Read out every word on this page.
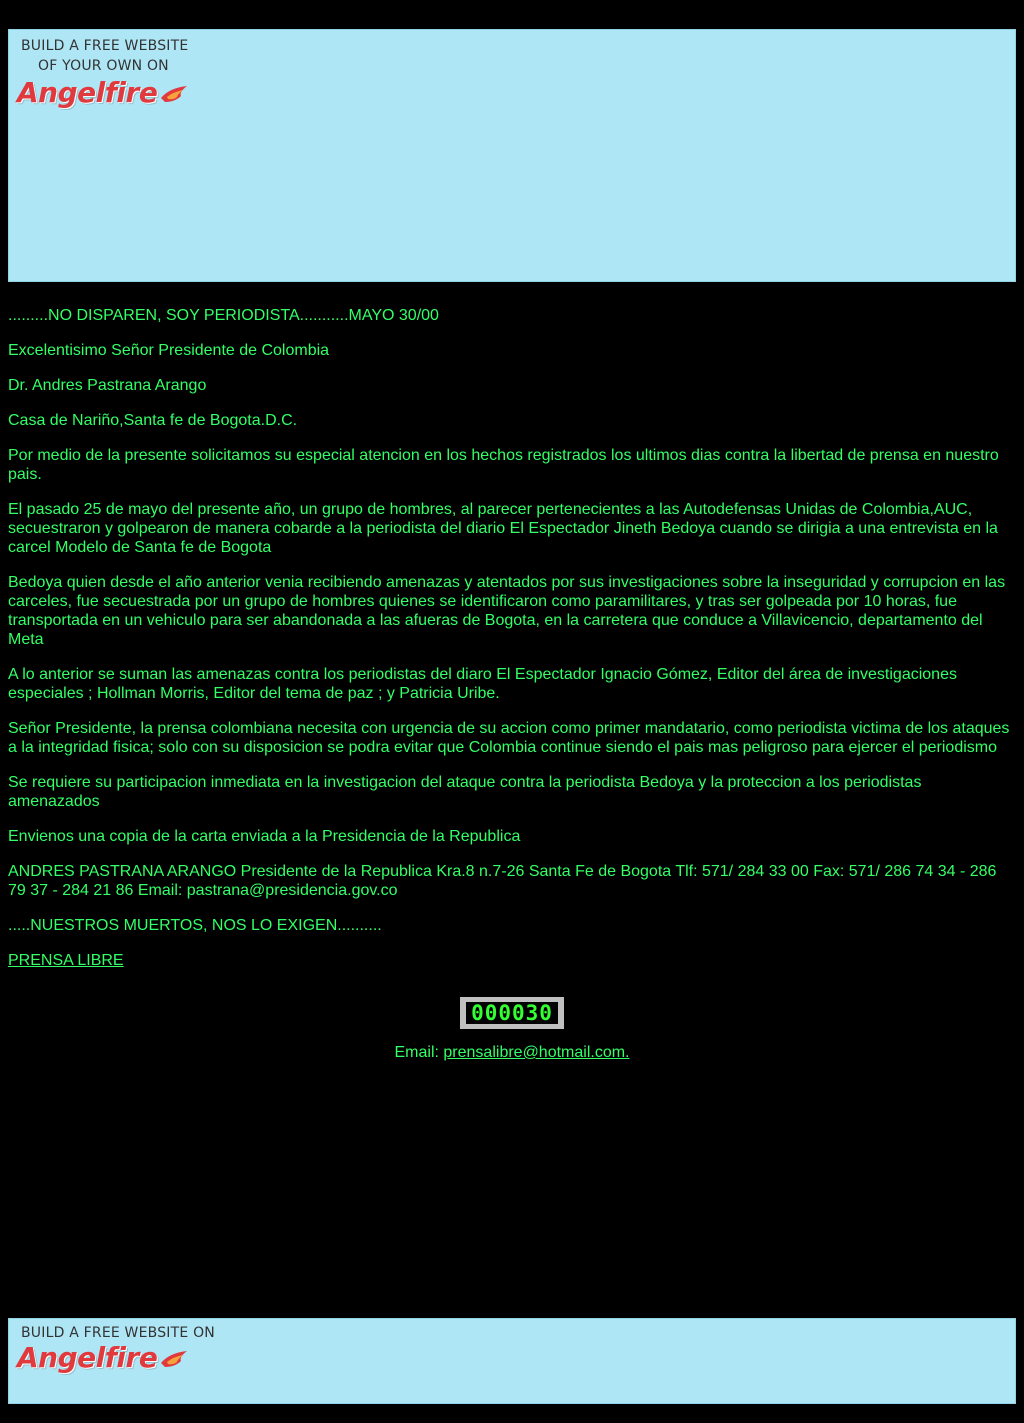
BUILD A FREE WEBSITE
OF YOUR OWN ON
Angelfire

.........NO DISPAREN, SOY PERIODISTA...........MAYO 30/00

Excelentisimo Señor Presidente de Colombia

Dr. Andres Pastrana Arango

Casa de Nariño,Santa fe de Bogota.D.C.

Por medio de la presente solicitamos su especial atencion en los hechos registrados los ultimos dias contra la libertad de prensa en nuestro pais.

El pasado 25 de mayo del presente año, un grupo de hombres, al parecer pertenecientes a las Autodefensas Unidas de Colombia,AUC, secuestraron y golpearon de manera cobarde a la periodista del diario El Espectador Jineth Bedoya cuando se dirigia a una entrevista en la carcel Modelo de Santa fe de Bogota

Bedoya quien desde el año anterior venia recibiendo amenazas y atentados por sus investigaciones sobre la inseguridad y corrupcion en las carceles, fue secuestrada por un grupo de hombres quienes se identificaron como paramilitares, y tras ser golpeada por 10 horas, fue transportada en un vehiculo para ser abandonada a las afueras de Bogota, en la carretera que conduce a Villavicencio, departamento del Meta

A lo anterior se suman las amenazas contra los periodistas del diaro El Espectador Ignacio Gómez, Editor del área de investigaciones especiales ; Hollman Morris, Editor del tema de paz ; y Patricia Uribe.

Señor Presidente, la prensa colombiana necesita con urgencia de su accion como primer mandatario, como periodista victima de los ataques a la integridad fisica; solo con su disposicion se podra evitar que Colombia continue siendo el pais mas peligroso para ejercer el periodismo

Se requiere su participacion inmediata en la investigacion del ataque contra la periodista Bedoya y la proteccion a los periodistas amenazados

Envienos una copia de la carta enviada a la Presidencia de la Republica

ANDRES PASTRANA ARANGO Presidente de la Republica Kra.8 n.7-26 Santa Fe de Bogota Tlf: 571/ 284 33 00 Fax: 571/ 286 74 34 - 286 79 37 - 284 21 86 Email: pastrana@presidencia.gov.co

.....NUESTROS MUERTOS, NOS LO EXIGEN..........

PRENSA LIBRE

000030
Email: prensalibre@hotmail.com.
BUILD A FREE WEBSITE ON
Angelfire
